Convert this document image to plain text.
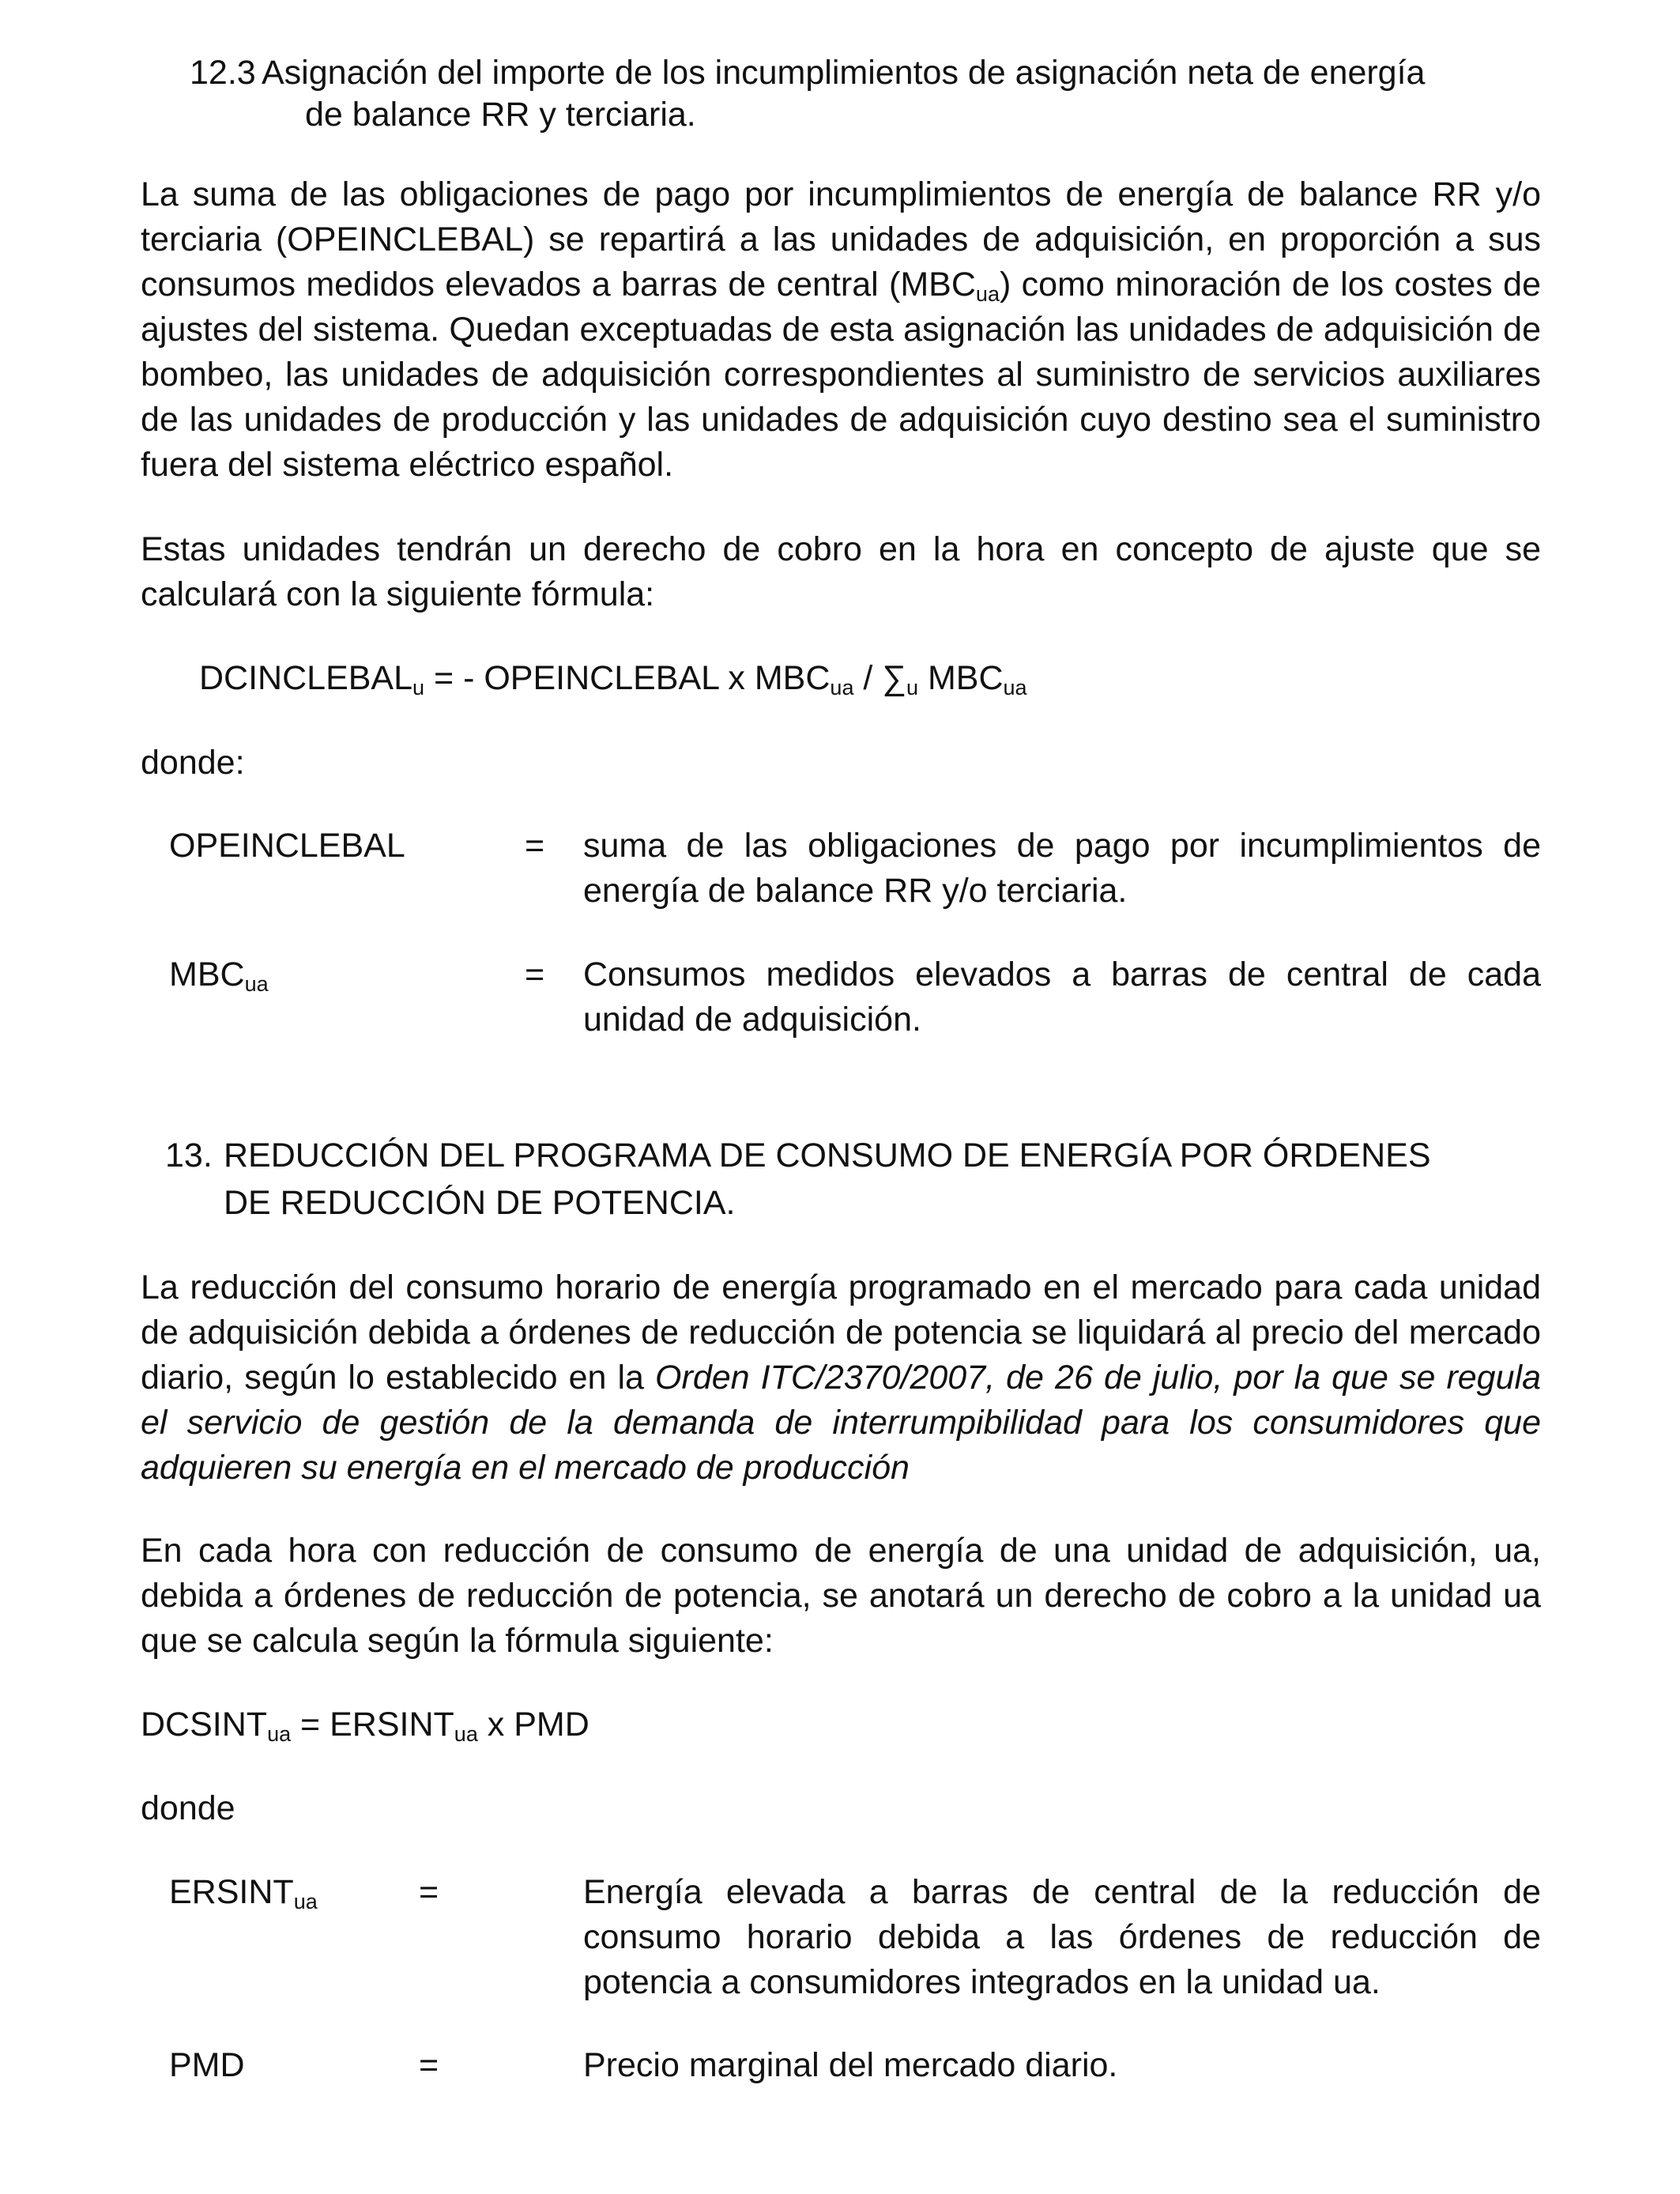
12.3 Asignación del importe de los incumplimientos de asignación neta de energía
de balance RR y terciaria.
La suma de las obligaciones de pago por incumplimientos de energía de balance RR y/o terciaria (OPEINCLEBAL) se repartirá a las unidades de adquisición, en proporción a sus consumos medidos elevados a barras de central $(MBC_{ua})$ como minoración de los costes de ajustes del sistema. Quedan exceptuadas de esta asignación las unidades de adquisición de bombeo, las unidades de adquisición correspondientes al suministro de servicios auxiliares de las unidades de producción y las unidades de adquisición cuyo destino sea el suministro fuera del sistema eléctrico español.
Estas unidades tendrán un derecho de cobro en la hora en concepto de ajuste que se calculará con la siguiente fórmula:
$DCINCLEBAL_u$ = - OPEINCLEBAL x $MBC_{ua} / \sum_u$ $MBC_{ua}$
donde:
OPEINCLEBAL	= suma de las obligaciones de pago por incumplimientos de energía de balance RR y/o terciaria.
$MBC_{ua}$	= Consumos medidos elevados a barras de central de cada unidad de adquisición.
13. REDUCCIÓN DEL PROGRAMA DE CONSUMO DE ENERGÍA POR ÓRDENES
DE REDUCCIÓN DE POTENCIA.
La reducción del consumo horario de energía programado en el mercado para cada unidad de adquisición debida a órdenes de reducción de potencia se liquidará al precio del mercado diario, según lo establecido en la Orden ITC/2370/2007, de 26 de julio, por la que se regula el servicio de gestión de la demanda de interrumpibilidad para los consumidores que adquieren su energía en el mercado de producción
En cada hora con reducción de consumo de energía de una unidad de adquisición, ua, debida a órdenes de reducción de potencia, se anotará un derecho de cobro a la unidad ua que se calcula según la fórmula siguiente:
$DCSINT_{ua}$ = $ERSINT_{ua}$ x PMD
donde
$ERSINT_{ua}$	=	Energía elevada a barras de central de la reducción de consumo horario debida a las órdenes de reducción de potencia a consumidores integrados en la unidad ua.
PMD	=	Precio marginal del mercado diario.
